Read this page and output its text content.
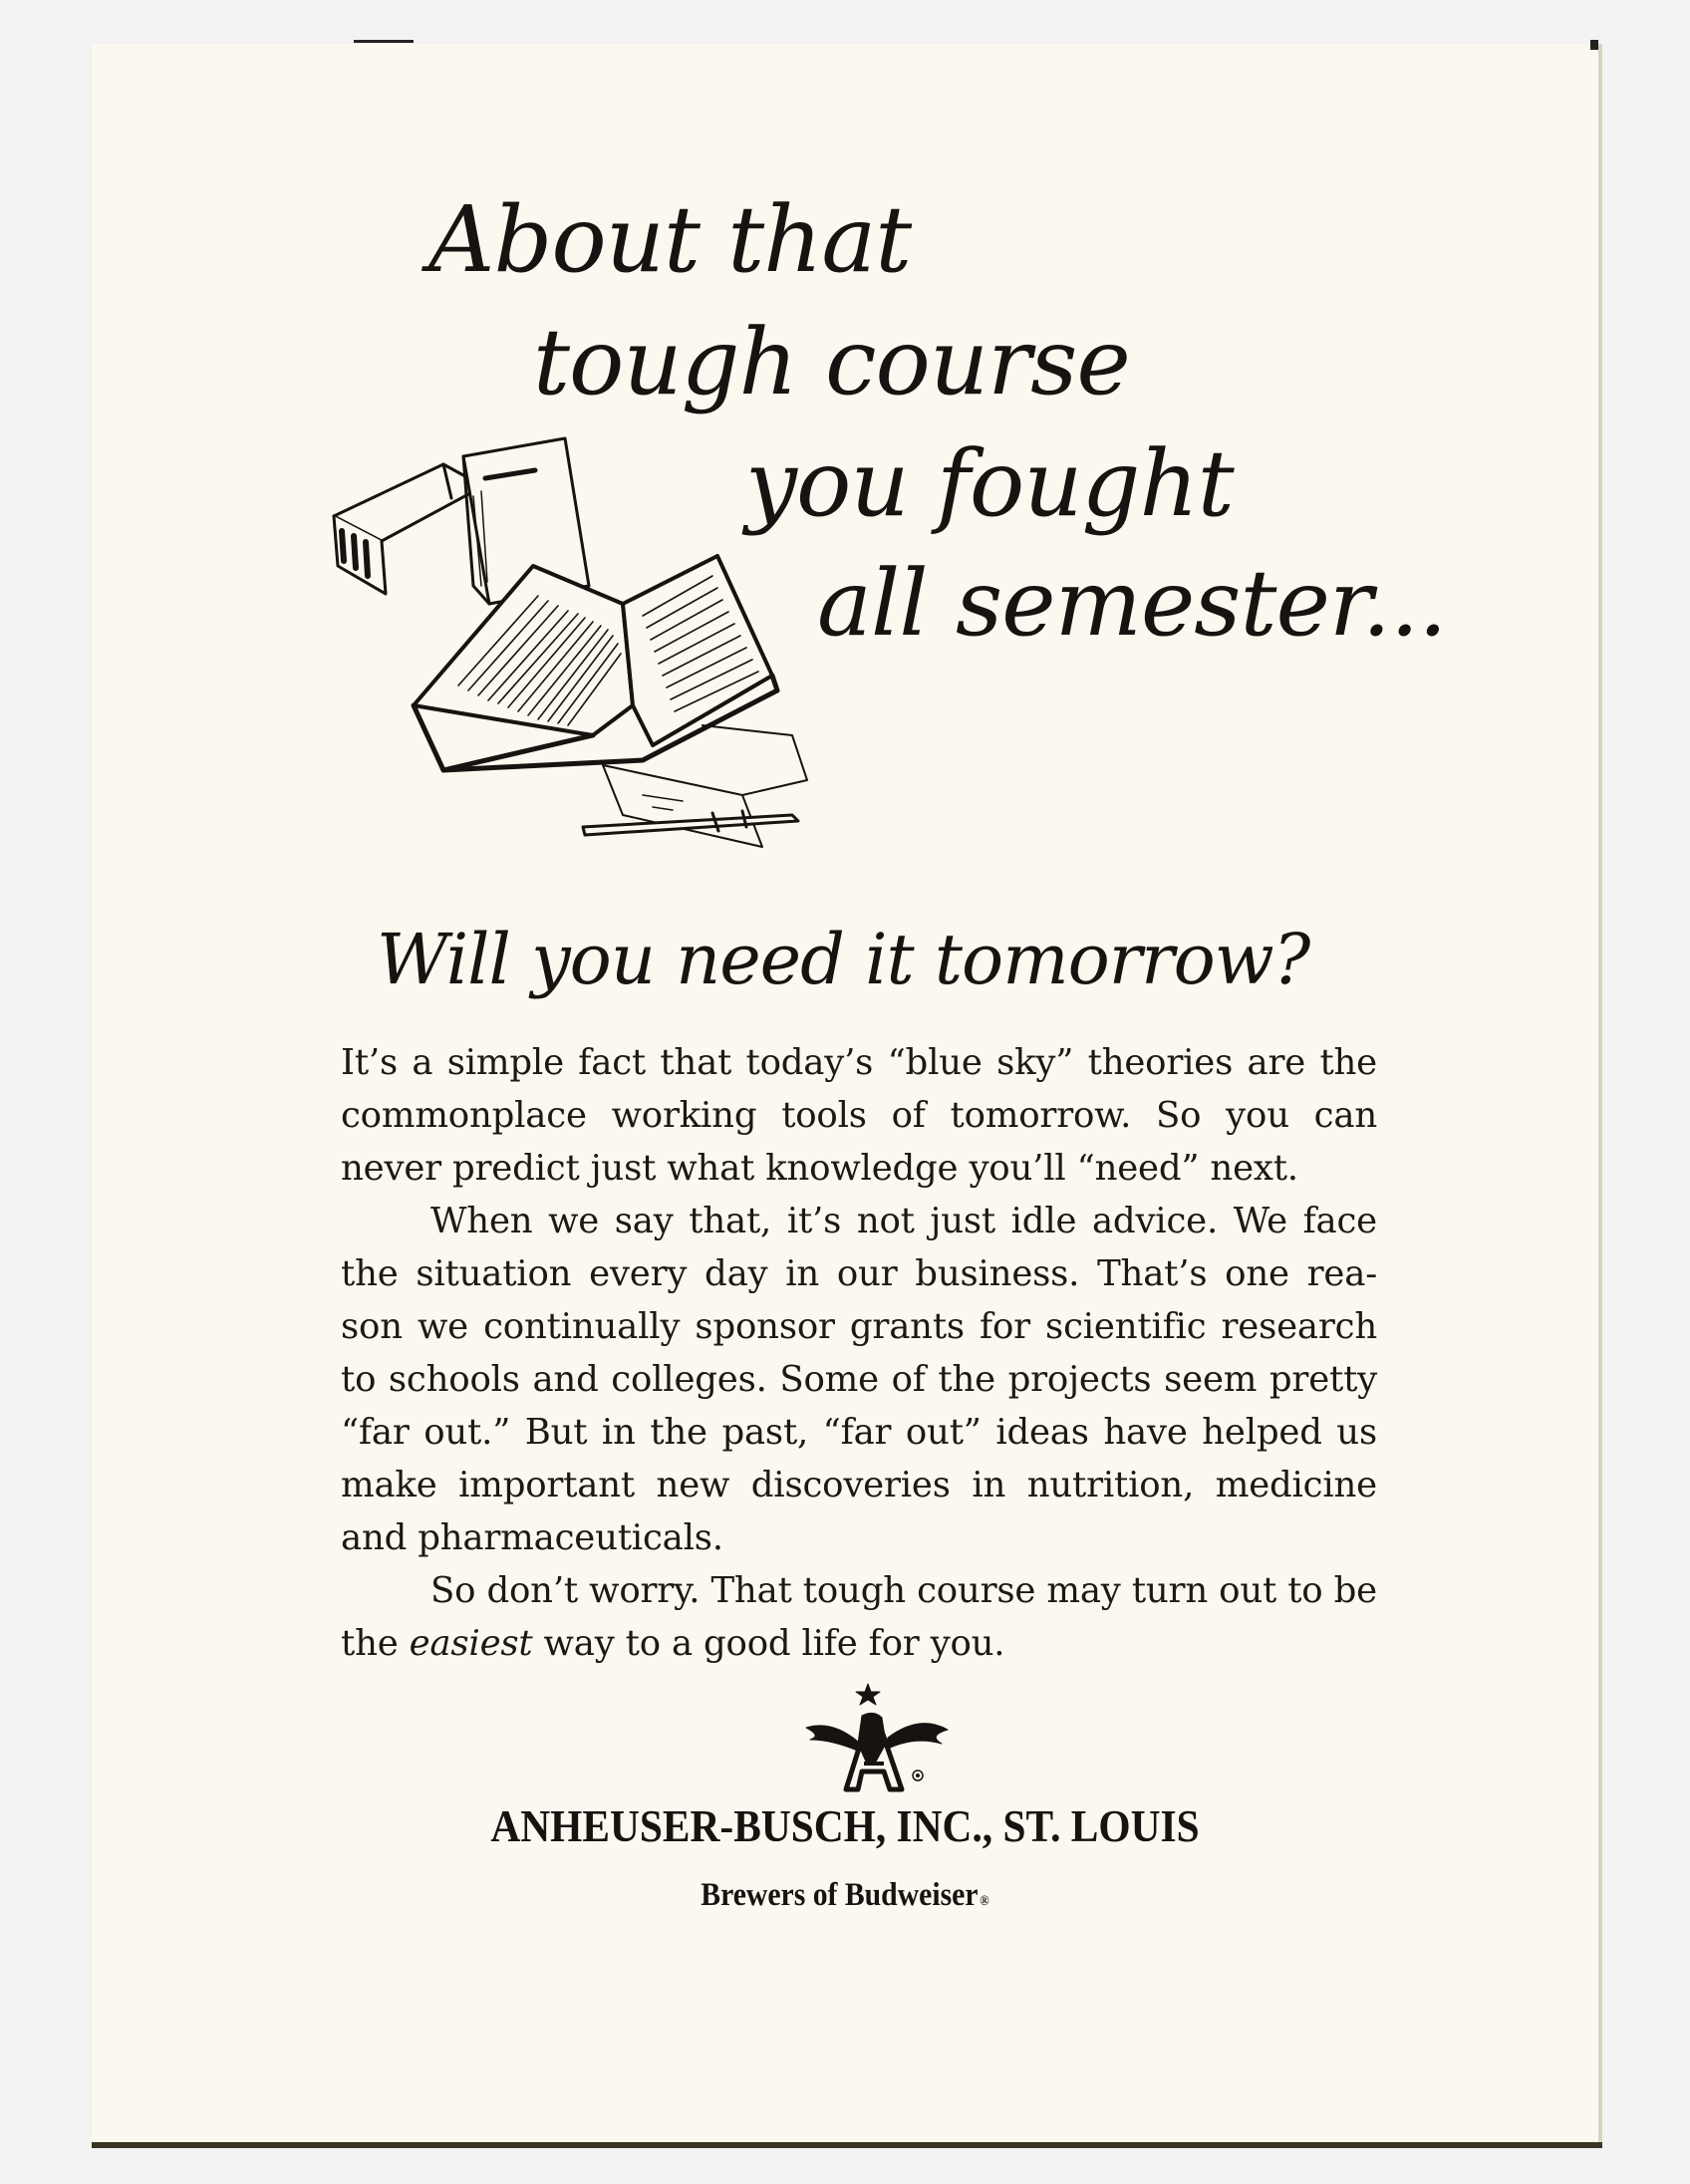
About that
tough course
you fought
all semester...
Will you need it tomorrow?

It’s a simple fact that today’s “blue sky” theories are the commonplace working tools of tomorrow. So you can never predict just what knowledge you’ll “need” next.

When we say that, it’s not just idle advice. We face the situation every day in our business. That’s one rea-son we continually sponsor grants for scientific research to schools and colleges. Some of the projects seem pretty “far out.” But in the past, “far out” ideas have helped us make important new discoveries in nutrition, medicine and pharmaceuticals.

So don’t worry. That tough course may turn out to be the easiest way to a good life for you.

ANHEUSER-BUSCH, INC., ST. LOUIS
Brewers of Budweiser ®
